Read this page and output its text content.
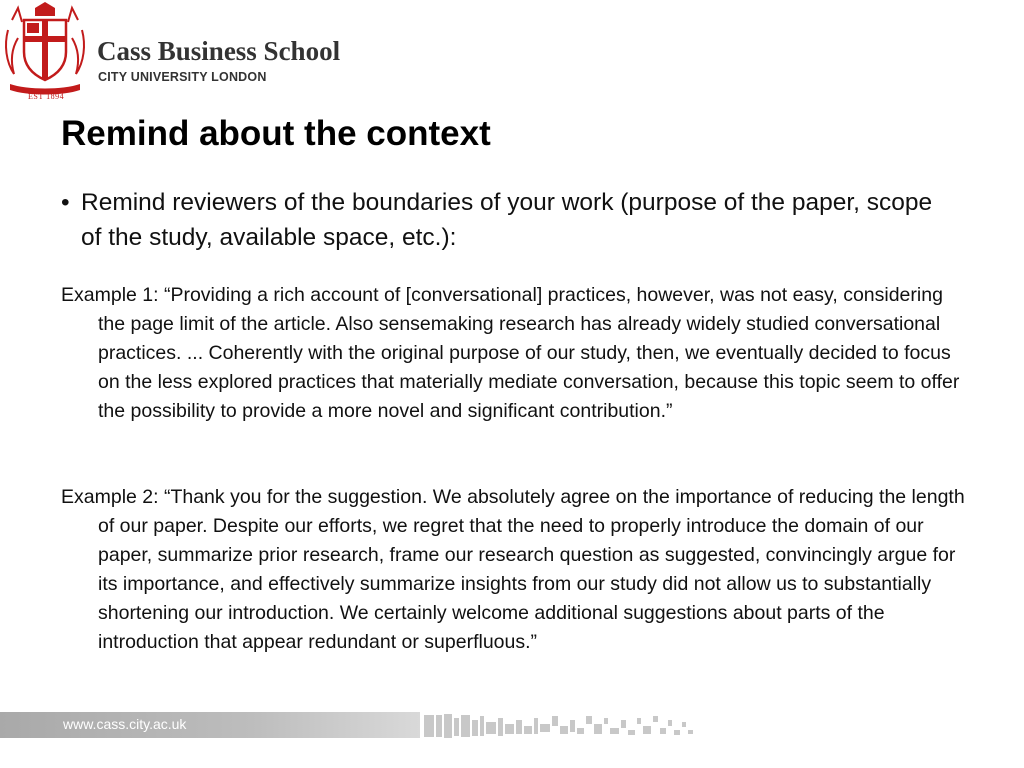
EST 1894
Cass Business School
CITY UNIVERSITY LONDON
Remind about the context
• Remind reviewers of the boundaries of your work (purpose of the paper, scope of the study, available space, etc.):
Example 1: “Providing a rich account of [conversational] practices, however, was not easy, considering the page limit of the article. Also sensemaking research has already widely studied conversational practices. ... Coherently with the original purpose of our study, then, we eventually decided to focus on the less explored practices that materially mediate conversation, because this topic seem to offer the possibility to provide a more novel and significant contribution.”
Example 2: “Thank you for the suggestion. We absolutely agree on the importance of reducing the length of our paper. Despite our efforts, we regret that the need to properly introduce the domain of our paper, summarize prior research, frame our research question as suggested, convincingly argue for its importance, and effectively summarize insights from our study did not allow us to substantially shortening our introduction. We certainly welcome additional suggestions about parts of the introduction that appear redundant or superfluous.”
www.cass.city.ac.uk
